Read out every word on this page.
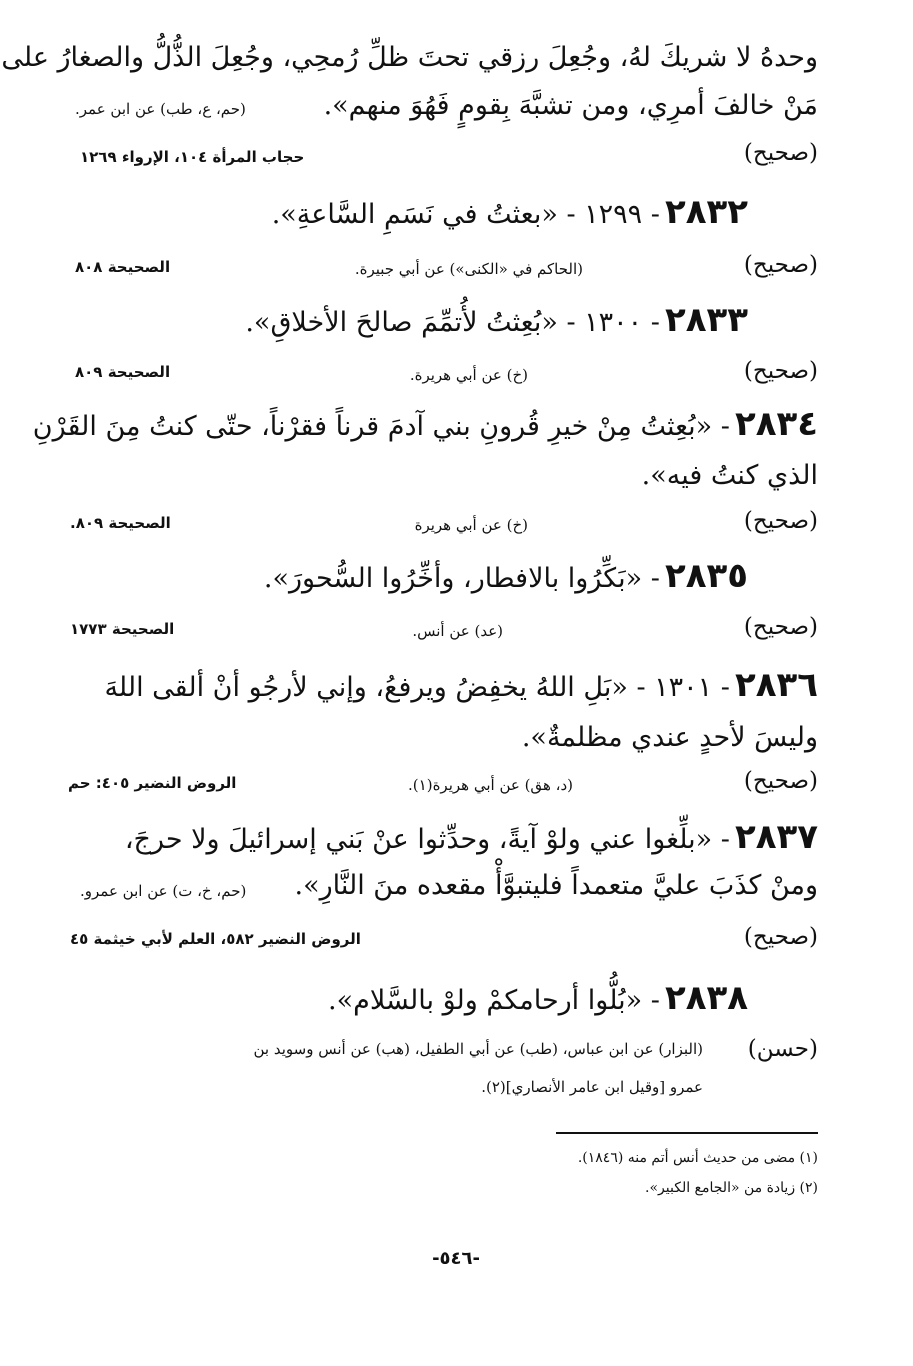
وحدهُ لا شريكَ لهُ، وجُعِلَ رزقي تحتَ ظلِّ رُمحِي، وجُعِلَ الذُّلُّ والصغارُ على
مَنْ خالفَ أمرِي، ومن تشبَّهَ بِقومٍ فَهُوَ منهم».
(حم، ع، طب) عن ابن عمر.
(صحيح)
حجاب المرأة ١٠٤، الإرواء ١٢٦٩
٢٨٣٢ - ١٢٩٩ - «بعثتُ في نَسَمِ السَّاعةِ».
(صحيح)
(الحاكم في «الكنى») عن أبي جبيرة.
الصحيحة ٨٠٨
٢٨٣٣ - ١٣٠٠ - «بُعِثتُ لأُتمِّمَ صالحَ الأخلاقِ».
(صحيح)
(خ) عن أبي هريرة.
الصحيحة ٨٠٩
٢٨٣٤ - «بُعِثتُ مِنْ خيرِ قُرونِ بني آدمَ قرناً فقرْناً، حتّى كنتُ مِنَ القَرْنِ
الذي كنتُ فيه».
(صحيح)
(خ) عن أبي هريرة
الصحيحة ٨٠٩.
٢٨٣٥ - «بَكِّرُوا بالافطار، وأخِّرُوا السُّحورَ».
(صحيح)
(عد) عن أنس.
الصحيحة ١٧٧٣
٢٨٣٦ - ١٣٠١ - «بَلِ اللهُ يخفِضُ ويرفعُ، وإني لأرجُو أنْ ألقى اللهَ
وليسَ لأحدٍ عندي مظلمةٌ».
(صحيح)
(د، هق) عن أبي هريرة(١).
الروض النضير ٤٠٥: حم
٢٨٣٧ - «بلِّغوا عني ولوْ آيةً، وحدِّثوا عنْ بَني إسرائيلَ ولا حرجَ،
ومنْ كذَبَ عليَّ متعمداً فليتبوَّأْ مقعده منَ النَّارِ».
(حم، خ، ت) عن ابن عمرو.
(صحيح)
الروض النضير ٥٨٢، العلم لأبي خيثمة ٤٥
٢٨٣٨ - «بُلُّوا أرحامكمْ ولوْ بالسَّلام».
(حسن)
(البزار) عن ابن عباس، (طب) عن أبي الطفيل، (هب) عن أنس وسويد بن
عمرو [وقيل ابن عامر الأنصاري](٢).
(١) مضى من حديث أنس أتم منه (١٨٤٦).
(٢) زيادة من «الجامع الكبير».
-٥٤٦-
